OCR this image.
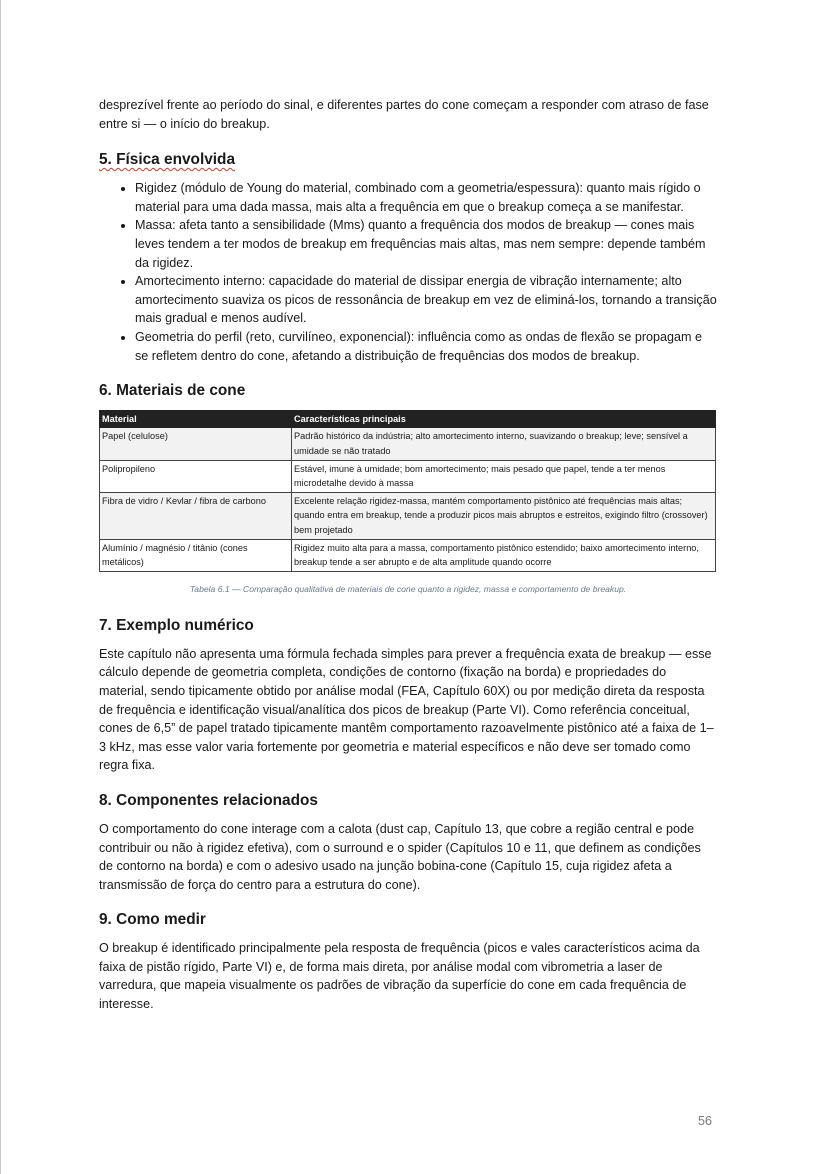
desprezível frente ao período do sinal, e diferentes partes do cone começam a responder com atraso de fase entre si — o início do breakup.

5. Física envolvida
• Rigidez (módulo de Young do material, combinado com a geometria/espessura): quanto mais rígido o material para uma dada massa, mais alta a frequência em que o breakup começa a se manifestar.
• Massa: afeta tanto a sensibilidade (Mms) quanto a frequência dos modos de breakup — cones mais leves tendem a ter modos de breakup em frequências mais altas, mas nem sempre: depende também da rigidez.
• Amortecimento interno: capacidade do material de dissipar energia de vibração internamente; alto amortecimento suaviza os picos de ressonância de breakup em vez de eliminá-los, tornando a transição mais gradual e menos audível.
• Geometria do perfil (reto, curvilíneo, exponencial): influência como as ondas de flexão se propagam e se refletem dentro do cone, afetando a distribuição de frequências dos modos de breakup.
6. Materiais de cone
Material	Características principais
Papel (celulose)	Padrão histórico da indústria; alto amortecimento interno, suavizando o breakup; leve; sensível a umidade se não tratado
Polipropileno	Estável, imune à umidade; bom amortecimento; mais pesado que papel, tende a ter menos microdetalhe devido à massa
Fibra de vidro / Kevlar / fibra de carbono	Excelente relação rigidez-massa, mantém comportamento pistônico até frequências mais altas; quando entra em breakup, tende a produzir picos mais abruptos e estreitos, exigindo filtro (crossover) bem projetado
Alumínio / magnésio / titânio (cones metálicos)	Rigidez muito alta para a massa, comportamento pistônico estendido; baixo amortecimento interno, breakup tende a ser abrupto e de alta amplitude quando ocorre

Tabela 6.1 — Comparação qualitativa de materiais de cone quanto a rigidez, massa e comportamento de breakup.

7. Exemplo numérico

Este capítulo não apresenta uma fórmula fechada simples para prever a frequência exata de breakup — esse cálculo depende de geometria completa, condições de contorno (fixação na borda) e propriedades do material, sendo tipicamente obtido por análise modal (FEA, Capítulo 60X) ou por medição direta da resposta de frequência e identificação visual/analítica dos picos de breakup (Parte VI). Como referência conceitual, cones de 6,5” de papel tratado tipicamente mantêm comportamento razoavelmente pistônico até a faixa de 1–3 kHz, mas esse valor varia fortemente por geometria e material específicos e não deve ser tomado como regra fixa.

8. Componentes relacionados

O comportamento do cone interage com a calota (dust cap, Capítulo 13, que cobre a região central e pode contribuir ou não à rigidez efetiva), com o surround e o spider (Capítulos 10 e 11, que definem as condições de contorno na borda) e com o adesivo usado na junção bobina-cone (Capítulo 15, cuja rigidez afeta a transmissão de força do centro para a estrutura do cone).

9. Como medir

O breakup é identificado principalmente pela resposta de frequência (picos e vales característicos acima da faixa de pistão rígido, Parte VI) e, de forma mais direta, por análise modal com vibrometria a laser de varredura, que mapeia visualmente os padrões de vibração da superfície do cone em cada frequência de interesse.

56
